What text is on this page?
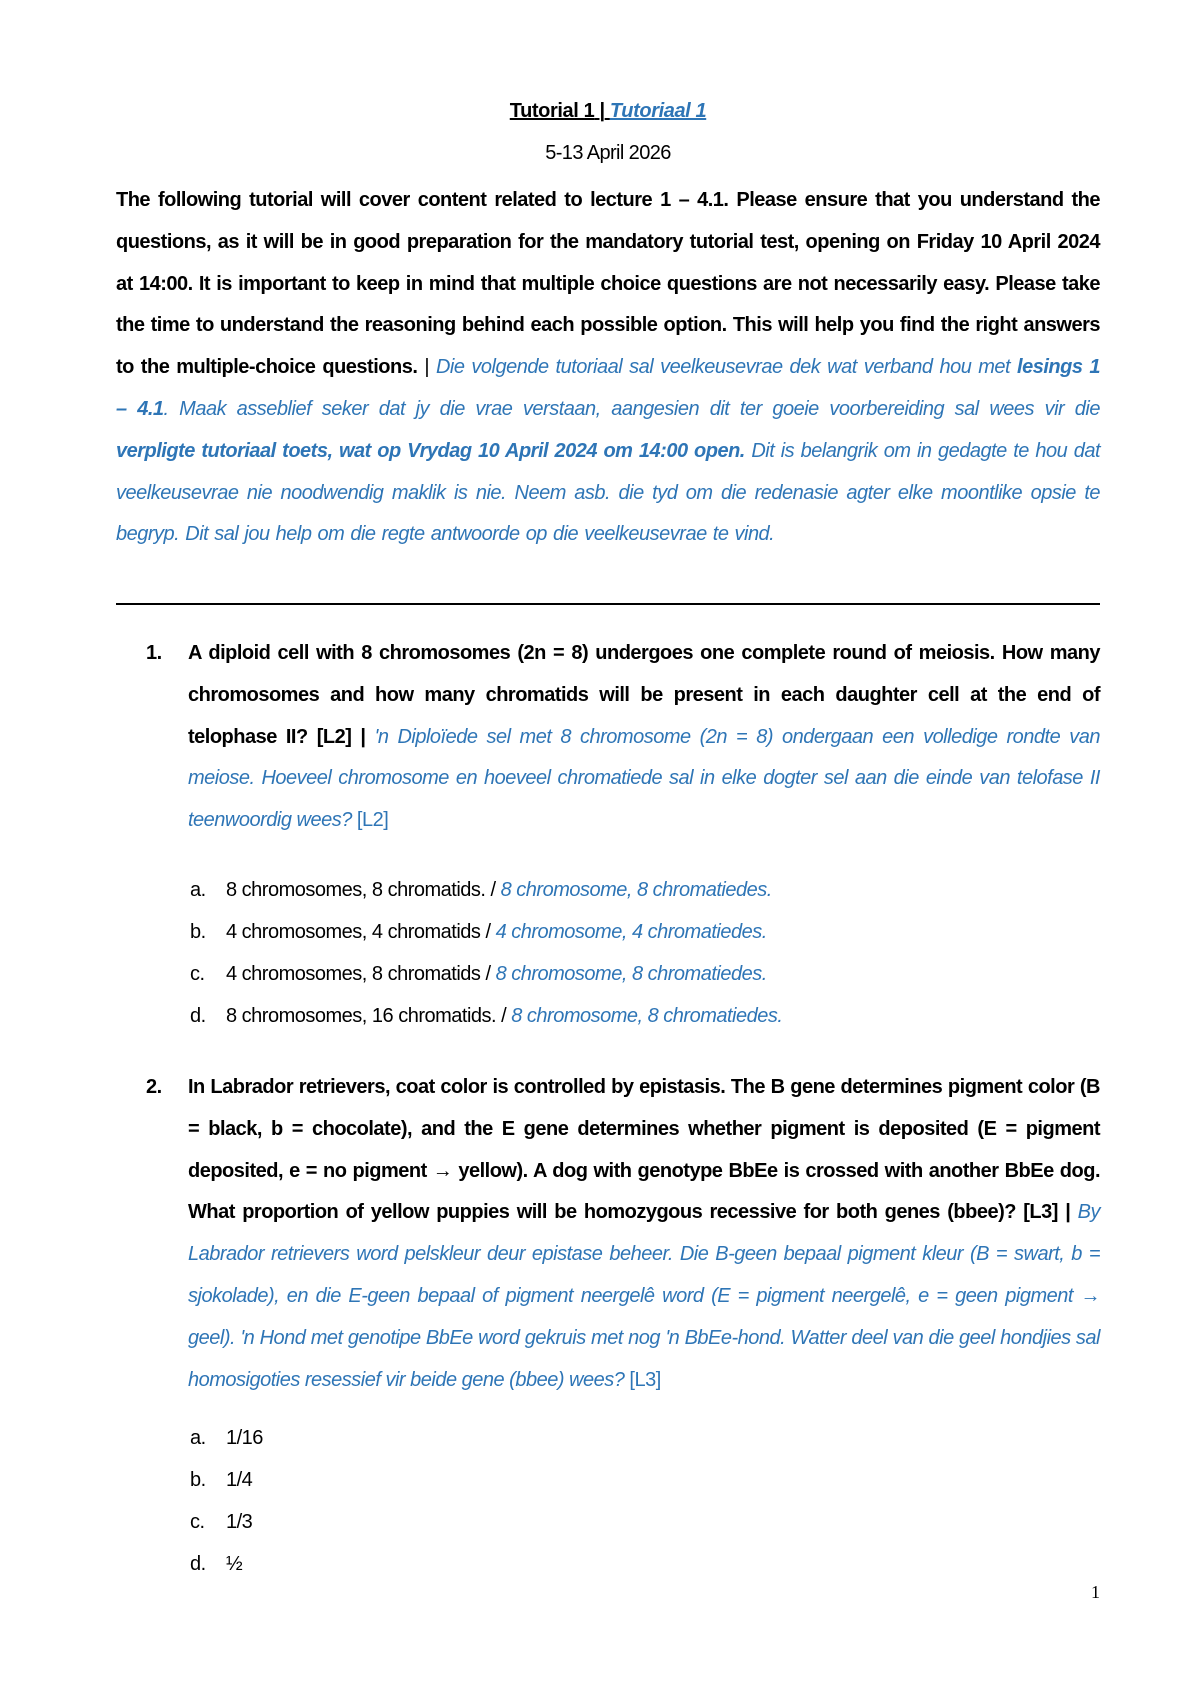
Tutorial 1 | Tutoriaal 1
5-13 April 2026
The following tutorial will cover content related to lecture 1 – 4.1. Please ensure that you understand the questions, as it will be in good preparation for the mandatory tutorial test, opening on Friday 10 April 2024 at 14:00. It is important to keep in mind that multiple choice questions are not necessarily easy. Please take the time to understand the reasoning behind each possible option. This will help you find the right answers to the multiple-choice questions. | Die volgende tutoriaal sal veelkeusevrae dek wat verband hou met lesings 1 – 4.1. Maak asseblief seker dat jy die vrae verstaan, aangesien dit ter goeie voorbereiding sal wees vir die verpligte tutoriaal toets, wat op Vrydag 10 April 2024 om 14:00 open. Dit is belangrik om in gedagte te hou dat veelkeusevrae nie noodwendig maklik is nie. Neem asb. die tyd om die redenasie agter elke moontlike opsie te begryp. Dit sal jou help om die regte antwoorde op die veelkeusevrae te vind.
1. A diploid cell with 8 chromosomes (2n = 8) undergoes one complete round of meiosis. How many chromosomes and how many chromatids will be present in each daughter cell at the end of telophase II? [L2] | 'n Diploïede sel met 8 chromosome (2n = 8) ondergaan een volledige rondte van meiose. Hoeveel chromosome en hoeveel chromatiede sal in elke dogter sel aan die einde van telofase II teenwoordig wees? [L2]
a. 8 chromosomes, 8 chromatids. / 8 chromosome, 8 chromatiedes.
b. 4 chromosomes, 4 chromatids / 4 chromosome, 4 chromatiedes.
c. 4 chromosomes, 8 chromatids / 8 chromosome, 8 chromatiedes.
d. 8 chromosomes, 16 chromatids. / 8 chromosome, 8 chromatiedes.
2. In Labrador retrievers, coat color is controlled by epistasis. The B gene determines pigment color (B = black, b = chocolate), and the E gene determines whether pigment is deposited (E = pigment deposited, e = no pigment → yellow). A dog with genotype BbEe is crossed with another BbEe dog. What proportion of yellow puppies will be homozygous recessive for both genes (bbee)? [L3] | By Labrador retrievers word pelskleur deur epistase beheer. Die B-geen bepaal pigment kleur (B = swart, b = sjokolade), en die E-geen bepaal of pigment neergelê word (E = pigment neergelê, e = geen pigment → geel). 'n Hond met genotipe BbEe word gekruis met nog 'n BbEe-hond. Watter deel van die geel hondjies sal homosigoties resessief vir beide gene (bbee) wees? [L3]
a. 1/16
b. 1/4
c. 1/3
d. ½
1
